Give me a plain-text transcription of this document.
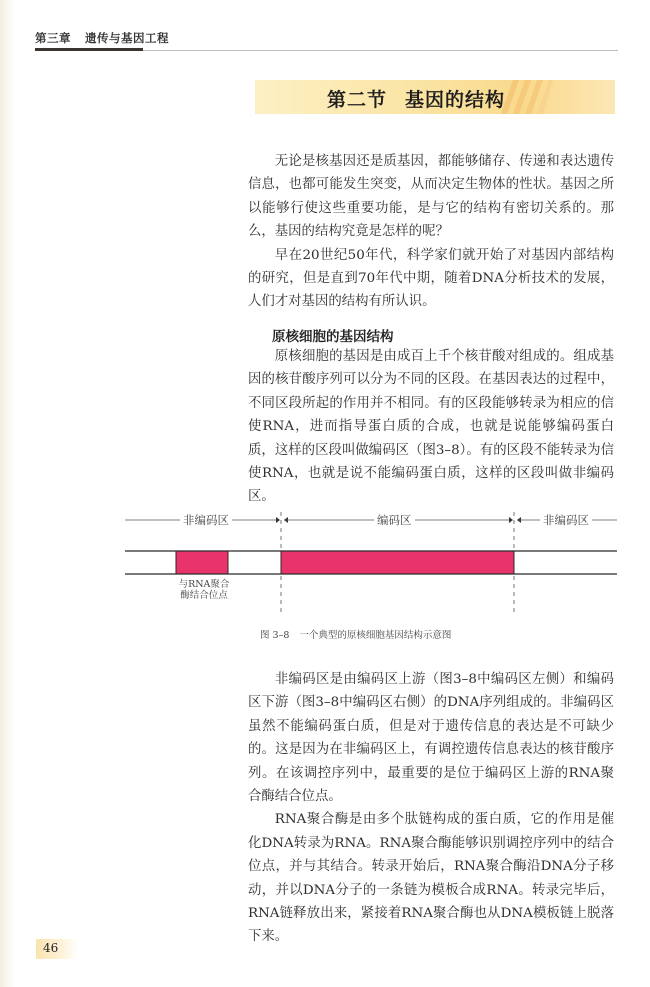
第三章 遗传与基因工程
第二节 基因的结构

无论是核基因还是质基因，都能够储存、传递和表达遗传信息，也都可能发生突变，从而决定生物体的性状。基因之所以能够行使这些重要功能，是与它的结构有密切关系的。那么，基因的结构究竟是怎样的呢？

早在20世纪50年代，科学家们就开始了对基因内部结构的研究，但是直到70年代中期，随着DNA分析技术的发展，人们才对基因的结构有所认识。

原核细胞的基因结构

原核细胞的基因是由成百上千个核苷酸对组成的。组成基因的核苷酸序列可以分为不同的区段。在基因表达的过程中，不同区段所起的作用并不相同。有的区段能够转录为相应的信使RNA，进而指导蛋白质的合成，也就是说能够编码蛋白质，这样的区段叫做编码区（图3–8）。有的区段不能转录为信使RNA，也就是说不能编码蛋白质，这样的区段叫做非编码区。

非编码区	编码区	非编码区
与RNA聚合
酶结合位点
图 3–8 一个典型的原核细胞基因结构示意图

非编码区是由编码区上游（图3–8中编码区左侧）和编码区下游（图3–8中编码区右侧）的DNA序列组成的。非编码区虽然不能编码蛋白质，但是对于遗传信息的表达是不可缺少的。这是因为在非编码区上，有调控遗传信息表达的核苷酸序列。在该调控序列中，最重要的是位于编码区上游的RNA聚合酶结合位点。

RNA聚合酶是由多个肽链构成的蛋白质，它的作用是催化DNA转录为RNA。RNA聚合酶能够识别调控序列中的结合位点，并与其结合。转录开始后，RNA聚合酶沿DNA分子移动，并以DNA分子的一条链为模板合成RNA。转录完毕后，RNA链释放出来，紧接着RNA聚合酶也从DNA模板链上脱落下来。

46
